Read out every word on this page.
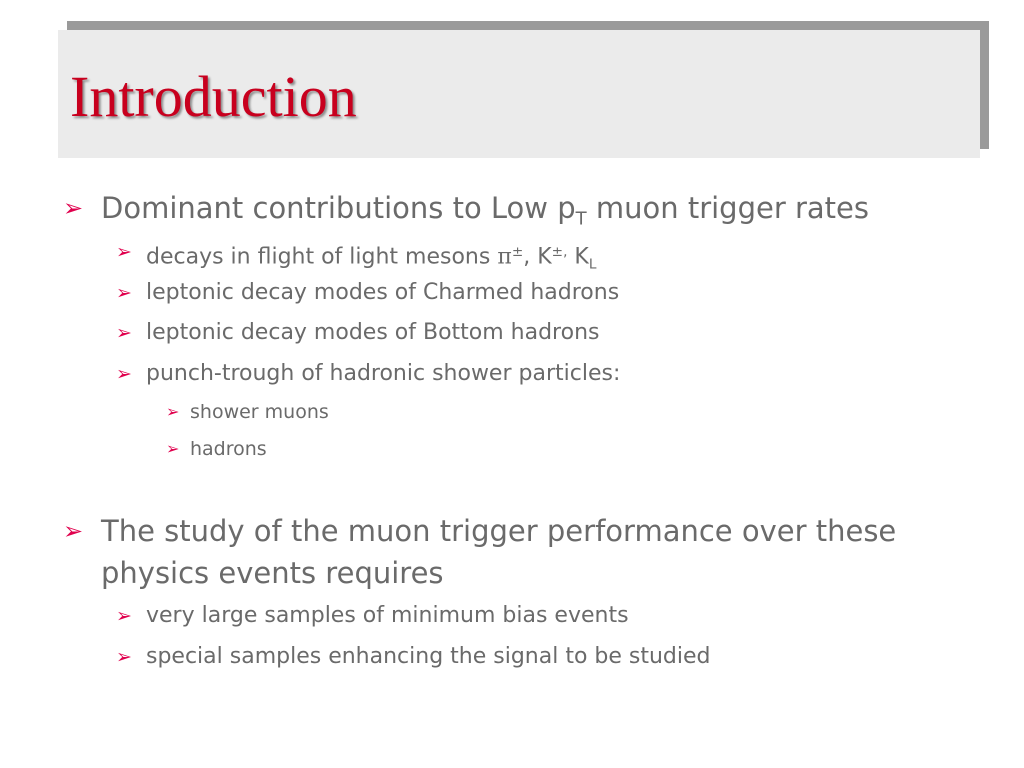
Introduction
➢ Dominant contributions to Low $p_T$ muon trigger rates
➢ decays in flight of light mesons π±, K±, $K_L$
➢ leptonic decay modes of Charmed hadrons
➢ leptonic decay modes of Bottom hadrons
➢ punch-trough of hadronic shower particles:
➢ shower muons
➢ hadrons
➢ The study of the muon trigger performance over these
physics events requires
➢ very large samples of minimum bias events
➢ special samples enhancing the signal to be studied
